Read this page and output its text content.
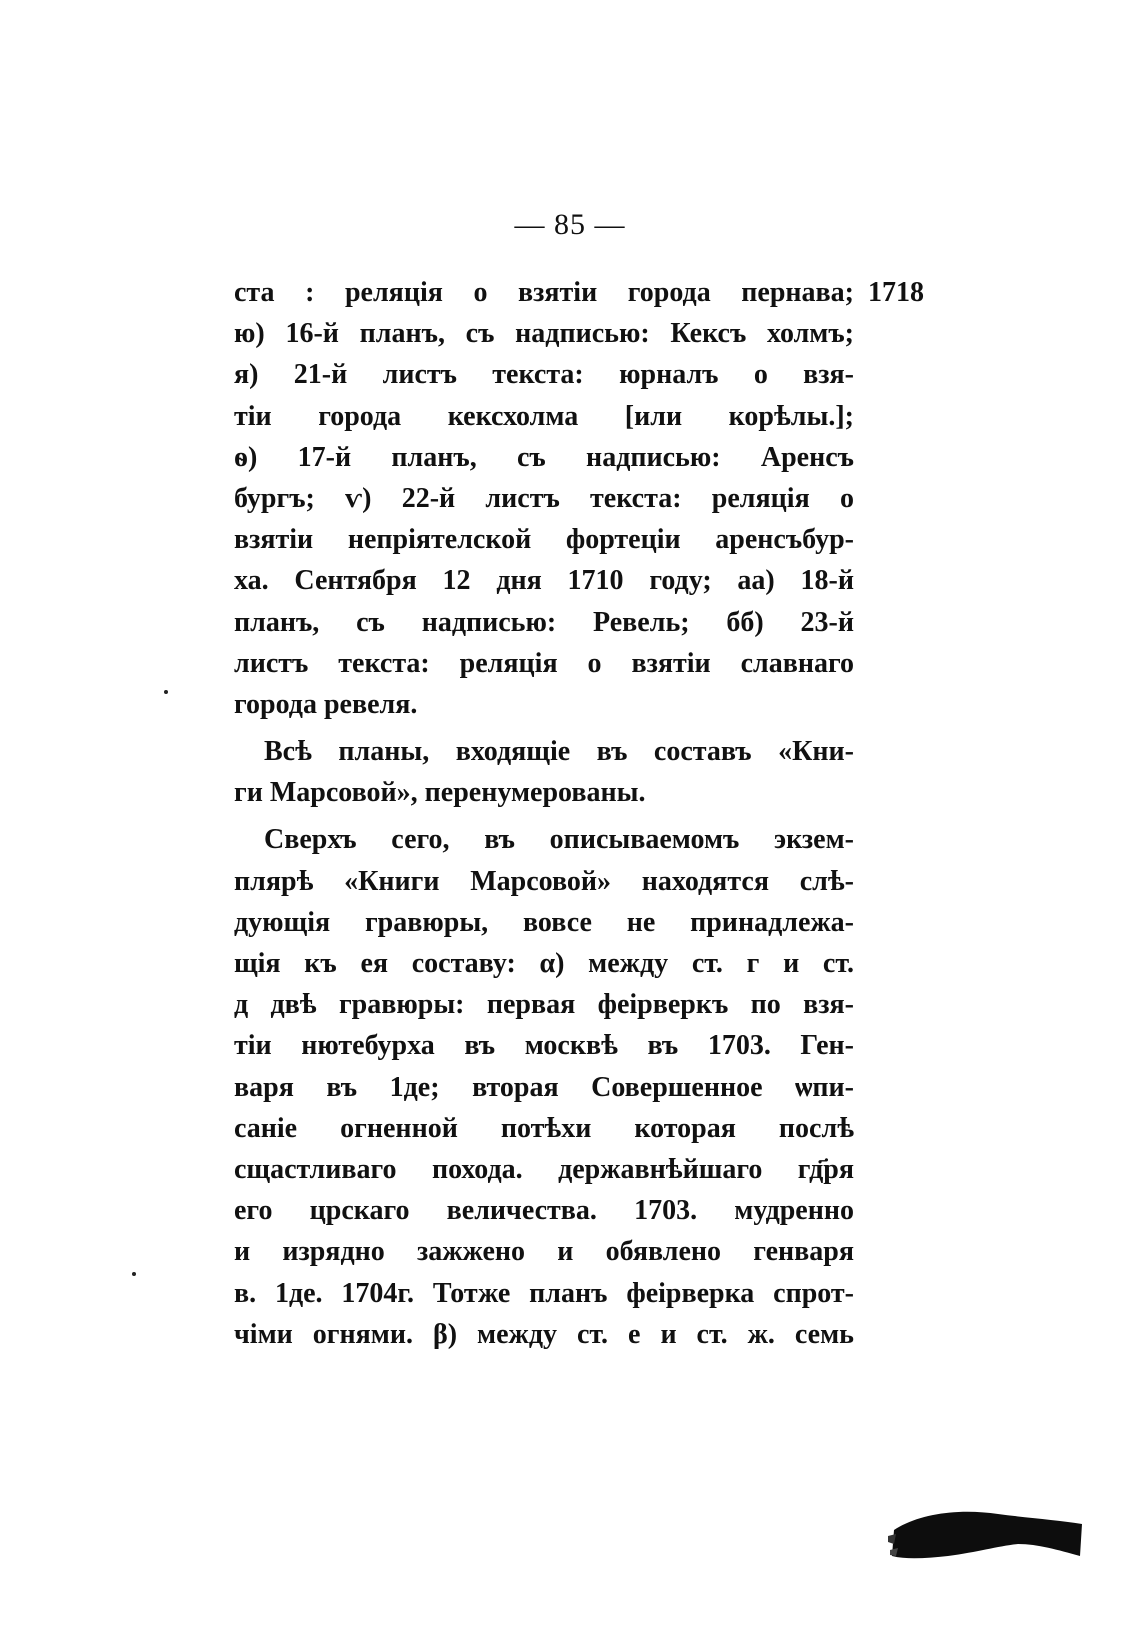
— 85 —
1718
ста : реляція о взятіи города пернава;
ю) 16-й планъ, съ надписью: Кексъ холмъ;
я) 21-й листъ текста: юрналъ о взя-
тіи города кексхолма [или корѣлы.];
ѳ) 17-й планъ, съ надписью: Аренсъ
бургъ; ѵ) 22-й листъ текста: реляція о
взятіи непріятелской фортеціи аренсъбур-
ха. Сентября 12 дня 1710 году; аа) 18-й
планъ, съ надписью: Ревель; бб) 23-й
листъ текста: реляція о взятіи славнаго
города ревеля.
Всѣ планы, входящіе въ составъ «Кни-
ги Марсовой», перенумерованы.
Сверхъ сего, въ описываемомъ экзем-
плярѣ «Книги Марсовой» находятся слѣ-
дующія гравюры, вовсе не принадлежа-
щія къ ея составу: α) между ст. г и ст.
д двѣ гравюры: первая феірверкъ по взя-
тіи нютебурха въ москвѣ въ 1703. Ген-
варя въ 1де; вторая Совершенное ѡпи-
саніе огненной потѣхи которая послѣ
сщастливаго похода. державнѣйшаго гд҃ря
его црскаго величества. 1703. мудренно
и изрядно зажжено и обявлено генваря
в. 1де. 1704г. Тотже планъ феірверка спрот-
чіми огнями. β) между ст. е и ст. ж. семь
